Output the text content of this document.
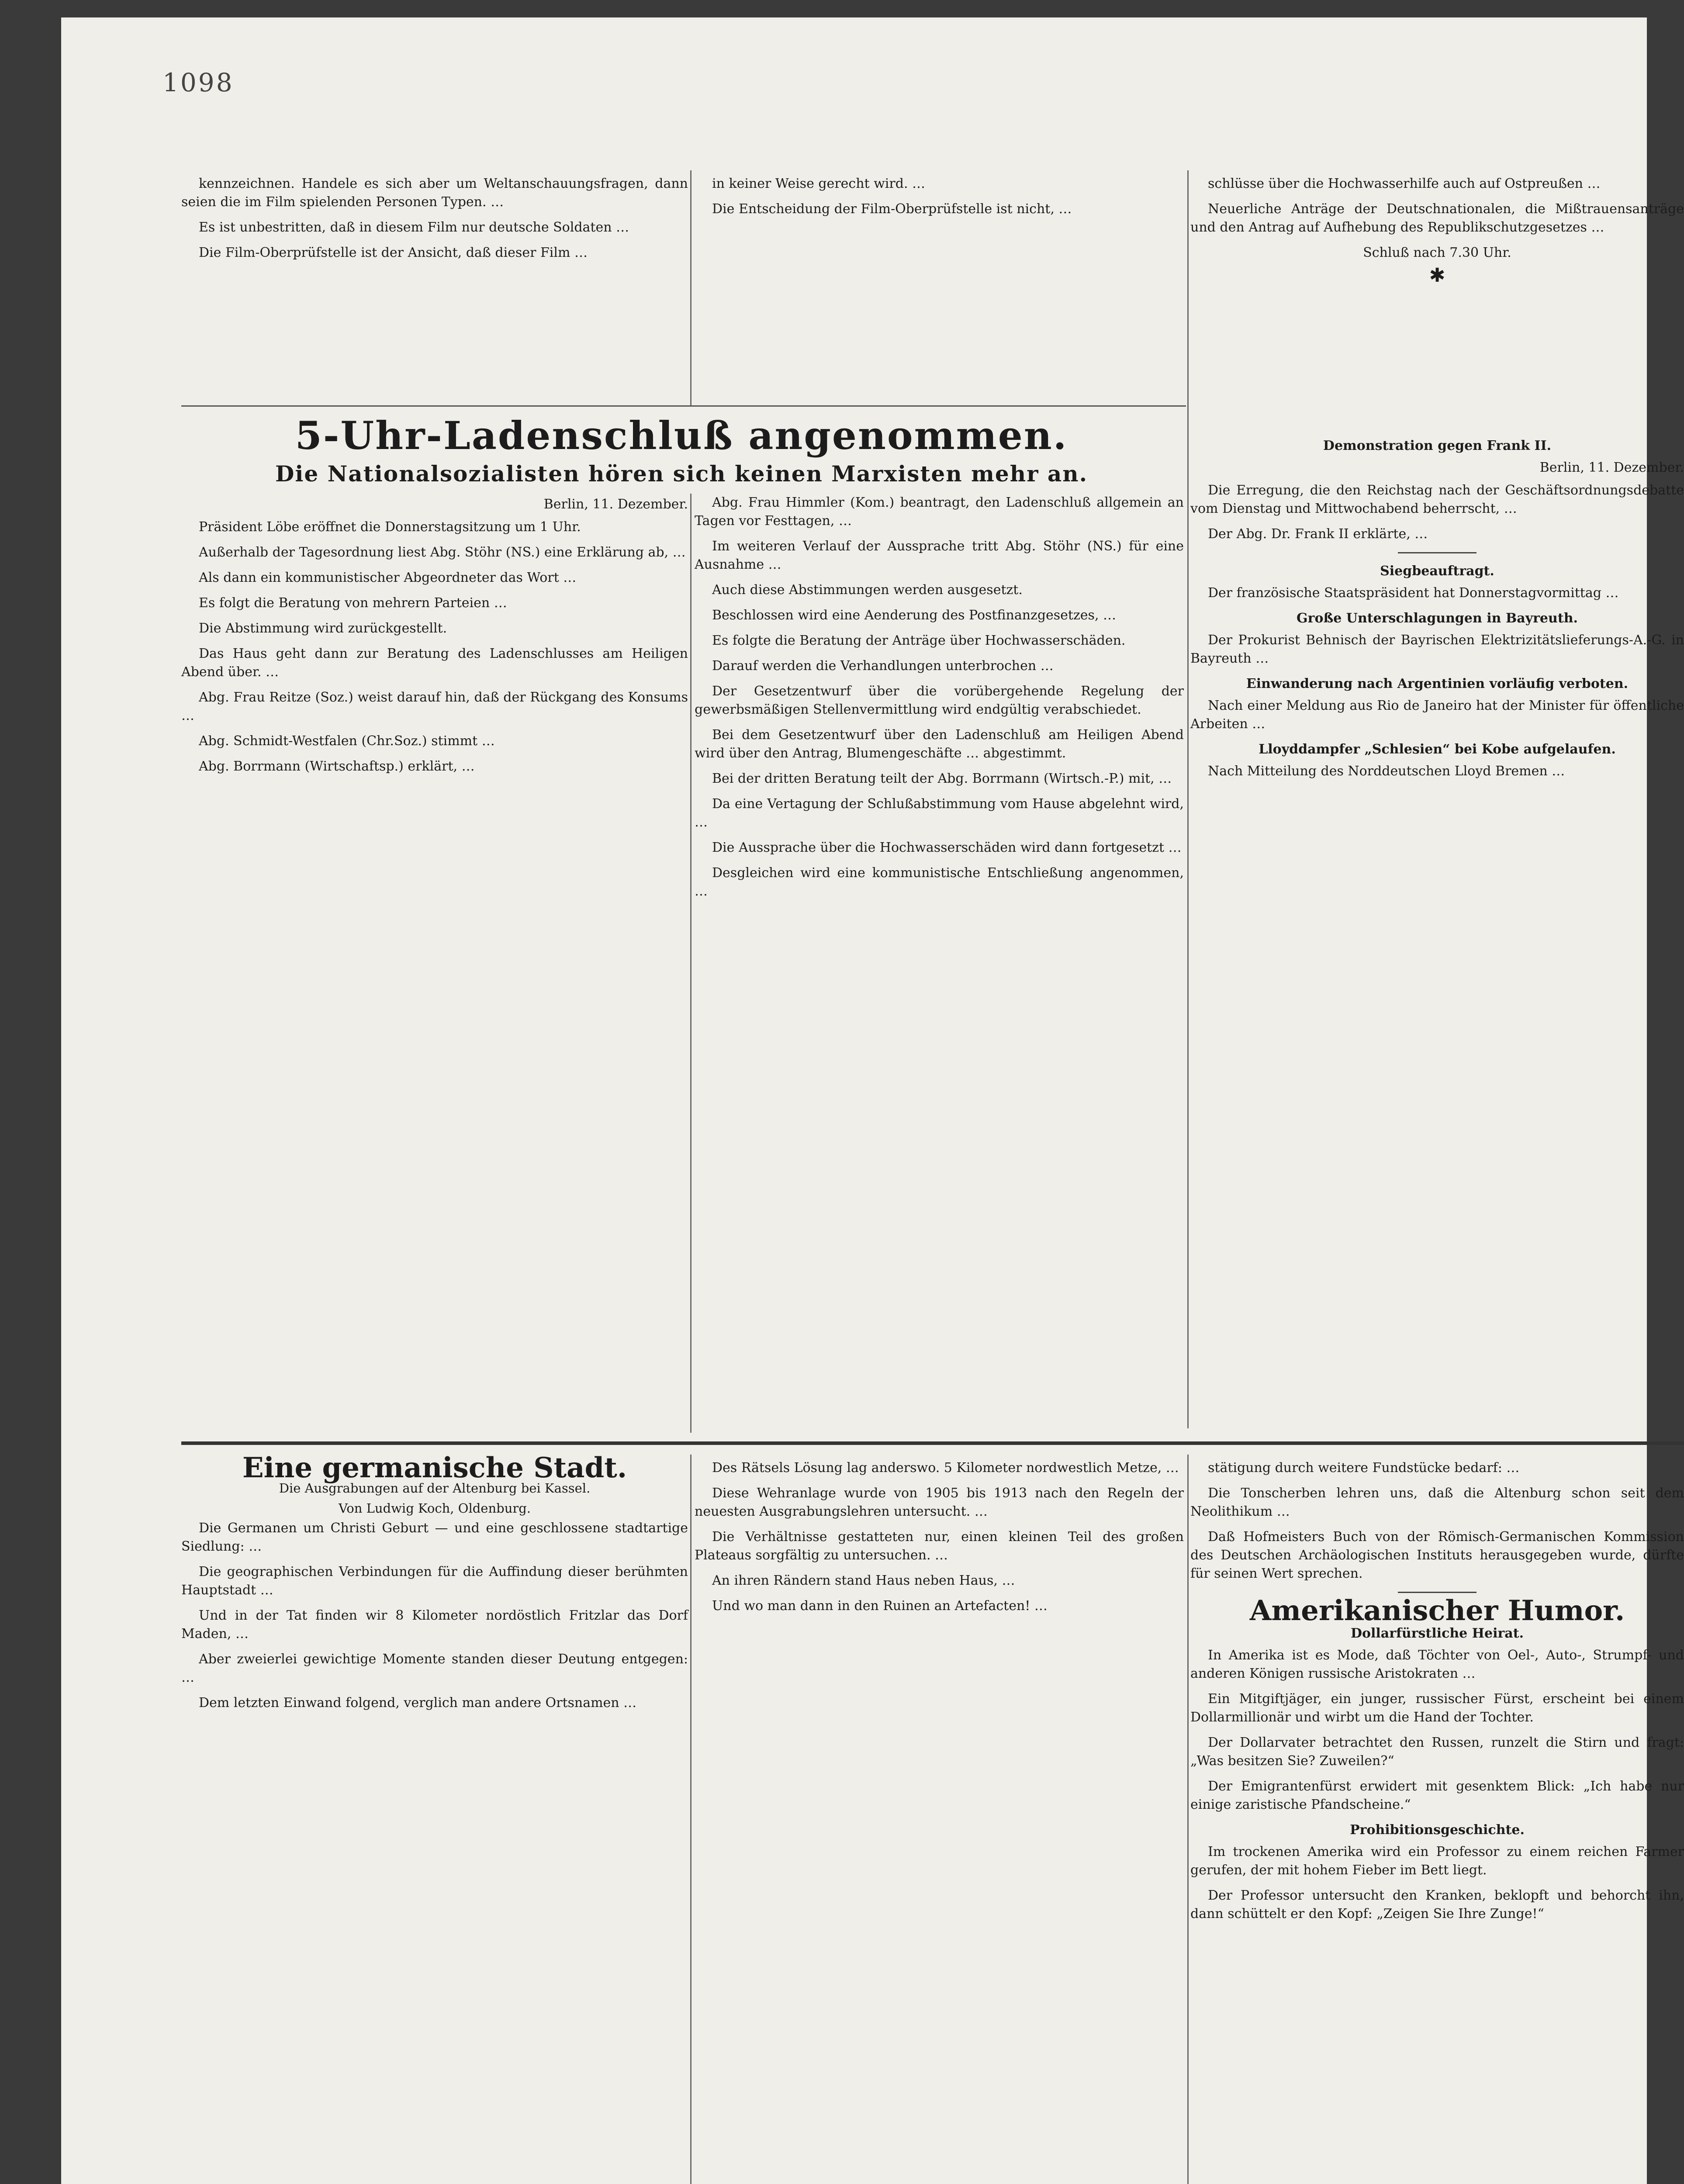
1098

kennzeichnen. Handele es sich aber um Weltanschauungsfragen, dann seien die im Film spielenden Personen Typen. …

Es ist unbestritten, daß in diesem Film nur deutsche Soldaten …

Die Film-Oberprüfstelle ist der Ansicht, daß dieser Film …

in keiner Weise gerecht wird. …

Die Entscheidung der Film-Oberprüfstelle ist nicht, …

schlüsse über die Hochwasserhilfe auch auf Ostpreußen …

Neuerliche Anträge der Deutschnationalen, die Mißtrauensanträge und den Antrag auf Aufhebung des Republikschutzgesetzes …

Schluß nach 7.30 Uhr.
✱
5-Uhr-Ladenschluß angenommen.
Die Nationalsozialisten hören sich keinen Marxisten mehr an.
Berlin, 11. Dezember.

Präsident Löbe eröffnet die Donnerstagsitzung um 1 Uhr.

Außerhalb der Tagesordnung liest Abg. Stöhr (NS.) eine Erklärung ab, …

Als dann ein kommunistischer Abgeordneter das Wort …

Es folgt die Beratung von mehrern Parteien …

Die Abstimmung wird zurückgestellt.

Das Haus geht dann zur Beratung des Ladenschlusses am Heiligen Abend über. …

Abg. Frau Reitze (Soz.) weist darauf hin, daß der Rückgang des Konsums …

Abg. Schmidt-Westfalen (Chr.Soz.) stimmt …

Abg. Borrmann (Wirtschaftsp.) erklärt, …

Abg. Frau Himmler (Kom.) beantragt, den Ladenschluß allgemein an Tagen vor Festtagen, …

Im weiteren Verlauf der Aussprache tritt Abg. Stöhr (NS.) für eine Ausnahme …

Auch diese Abstimmungen werden ausgesetzt.

Beschlossen wird eine Aenderung des Postfinanzgesetzes, …

Es folgte die Beratung der Anträge über Hochwasserschäden.

Darauf werden die Verhandlungen unterbrochen …

Der Gesetzentwurf über die vorübergehende Regelung der gewerbsmäßigen Stellenvermittlung wird endgültig verabschiedet.

Bei dem Gesetzentwurf über den Ladenschluß am Heiligen Abend wird über den Antrag, Blumengeschäfte … abgestimmt.

Bei der dritten Beratung teilt der Abg. Borrmann (Wirtsch.-P.) mit, …

Da eine Vertagung der Schlußabstimmung vom Hause abgelehnt wird, …

Die Aussprache über die Hochwasserschäden wird dann fortgesetzt …

Desgleichen wird eine kommunistische Entschließung angenommen, …

Demonstration gegen Frank II.
Berlin, 11. Dezember.

Die Erregung, die den Reichstag nach der Geschäftsordnungsdebatte vom Dienstag und Mittwochabend beherrscht, …

Der Abg. Dr. Frank II erklärte, …

Siegbeauftragt.

Der französische Staatspräsident hat Donnerstagvormittag …

Große Unterschlagungen in Bayreuth.

Der Prokurist Behnisch der Bayrischen Elektrizitätslieferungs-A.-G. in Bayreuth …

Einwanderung nach Argentinien vorläufig verboten.

Nach einer Meldung aus Rio de Janeiro hat der Minister für öffentliche Arbeiten …

Lloyddampfer „Schlesien“ bei Kobe aufgelaufen.

Nach Mitteilung des Norddeutschen Lloyd Bremen …

Eine germanische Stadt.
Die Ausgrabungen auf der Altenburg bei Kassel.
Von Ludwig Koch, Oldenburg.

Die Germanen um Christi Geburt — und eine geschlossene stadtartige Siedlung: …

Die geographischen Verbindungen für die Auffindung dieser berühmten Hauptstadt …

Und in der Tat finden wir 8 Kilometer nordöstlich Fritzlar das Dorf Maden, …

Aber zweierlei gewichtige Momente standen dieser Deutung entgegen: …

Dem letzten Einwand folgend, verglich man andere Ortsnamen …

Des Rätsels Lösung lag anderswo. 5 Kilometer nordwestlich Metze, …

Diese Wehranlage wurde von 1905 bis 1913 nach den Regeln der neuesten Ausgrabungslehren untersucht. …

Die Verhältnisse gestatteten nur, einen kleinen Teil des großen Plateaus sorgfältig zu untersuchen. …

An ihren Rändern stand Haus neben Haus, …

Und wo man dann in den Ruinen an Artefacten! …

stätigung durch weitere Fundstücke bedarf: …

Die Tonscherben lehren uns, daß die Altenburg schon seit dem Neolithikum …

Daß Hofmeisters Buch von der Römisch-Germanischen Kommission des Deutschen Archäologischen Instituts herausgegeben wurde, dürfte für seinen Wert sprechen.

Amerikanischer Humor.
Dollarfürstliche Heirat.

In Amerika ist es Mode, daß Töchter von Oel-, Auto-, Strumpf- und anderen Königen russische Aristokraten …

Ein Mitgiftjäger, ein junger, russischer Fürst, erscheint bei einem Dollarmillionär und wirbt um die Hand der Tochter.

Der Dollarvater betrachtet den Russen, runzelt die Stirn und fragt: „Was besitzen Sie? Zuweilen?“

Der Emigrantenfürst erwidert mit gesenktem Blick: „Ich habe nur einige zaristische Pfandscheine.“

Prohibitionsgeschichte.

Im trockenen Amerika wird ein Professor zu einem reichen Farmer gerufen, der mit hohem Fieber im Bett liegt.

Der Professor untersucht den Kranken, beklopft und behorcht ihn, dann schüttelt er den Kopf: „Zeigen Sie Ihre Zunge!“
